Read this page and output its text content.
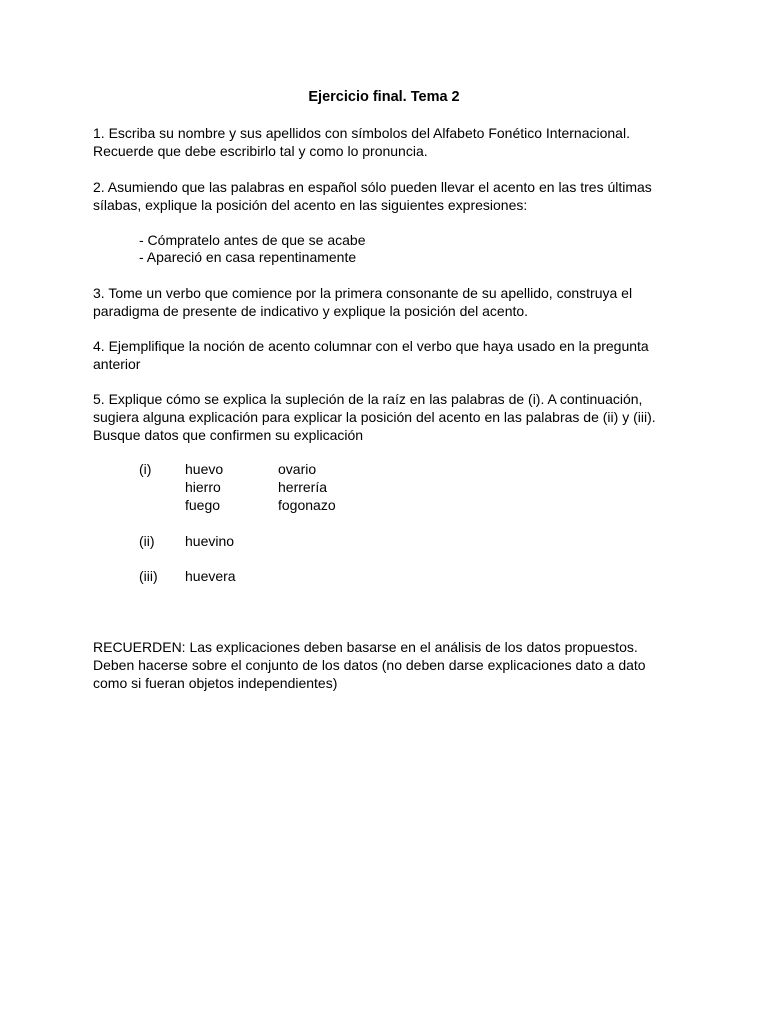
Ejercicio final. Tema 2
1. Escriba su nombre y sus apellidos con símbolos del Alfabeto Fonético Internacional.
Recuerde que debe escribirlo tal y como lo pronuncia.
2. Asumiendo que las palabras en español sólo pueden llevar el acento en las tres últimas
sílabas, explique la posición del acento en las siguientes expresiones:
- Cómpratelo antes de que se acabe
- Apareció en casa repentinamente
3. Tome un verbo que comience por la primera consonante de su apellido, construya el
paradigma de presente de indicativo y explique la posición del acento.
4. Ejemplifique la noción de acento columnar con el verbo que haya usado en la pregunta
anterior
5. Explique cómo se explica la supleción de la raíz en las palabras de (i). A continuación,
sugiera alguna explicación para explicar la posición del acento en las palabras de (ii) y (iii).
Busque datos que confirmen su explicación
(i) huevo	ovario
hierro	herrería
fuego	fogonazo
(ii) huevino
(iii) huevera
RECUERDEN: Las explicaciones deben basarse en el análisis de los datos propuestos.
Deben hacerse sobre el conjunto de los datos (no deben darse explicaciones dato a dato
como si fueran objetos independientes)
